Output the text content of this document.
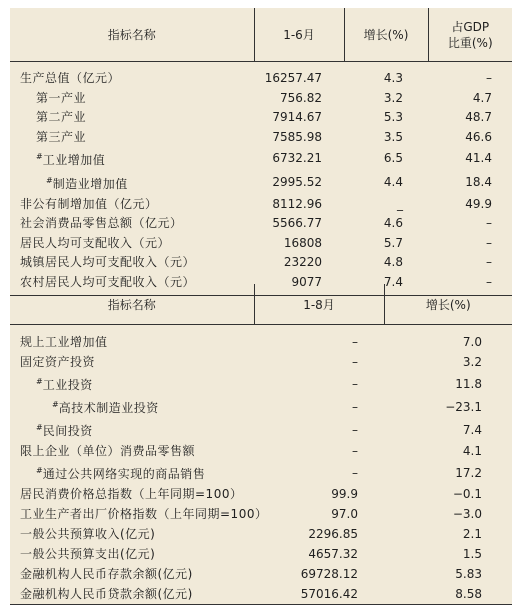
指标名称	1-6月	增长(%)	占GDP
比重(%)

生产总值（亿元）	16257.47	4.3	–
第一产业	756.82	3.2	4.7
第二产业	7914.67	5.3	48.7
第三产业	7585.98	3.5	46.6
#工业增加值	6732.21	6.5	41.4
#制造业增加值	2995.52	4.4	18.4
非公有制增加值（亿元）	8112.96	_	49.9
社会消费品零售总额（亿元）	5566.77	4.6	–
居民人均可支配收入（元）	16808	5.7	–
城镇居民人均可支配收入（元）	23220	4.8	–
农村居民人均可支配收入（元）	9077	7.4	–
指标名称	1-8月	增长(%)
规上工业增加值	–	7.0
固定资产投资	–	3.2
#工业投资	–	11.8
#高技术制造业投资	–	−23.1
#民间投资	–	7.4
限上企业（单位）消费品零售额	–	4.1
#通过公共网络实现的商品销售	–	17.2
居民消费价格总指数（上年同期=100）	99.9	−0.1
工业生产者出厂价格指数（上年同期=100）	97.0	−3.0
一般公共预算收入(亿元)	2296.85	2.1
一般公共预算支出(亿元)	4657.32	1.5
金融机构人民币存款余额(亿元)	69728.12	5.83
金融机构人民币贷款余额(亿元)	57016.42	8.58
